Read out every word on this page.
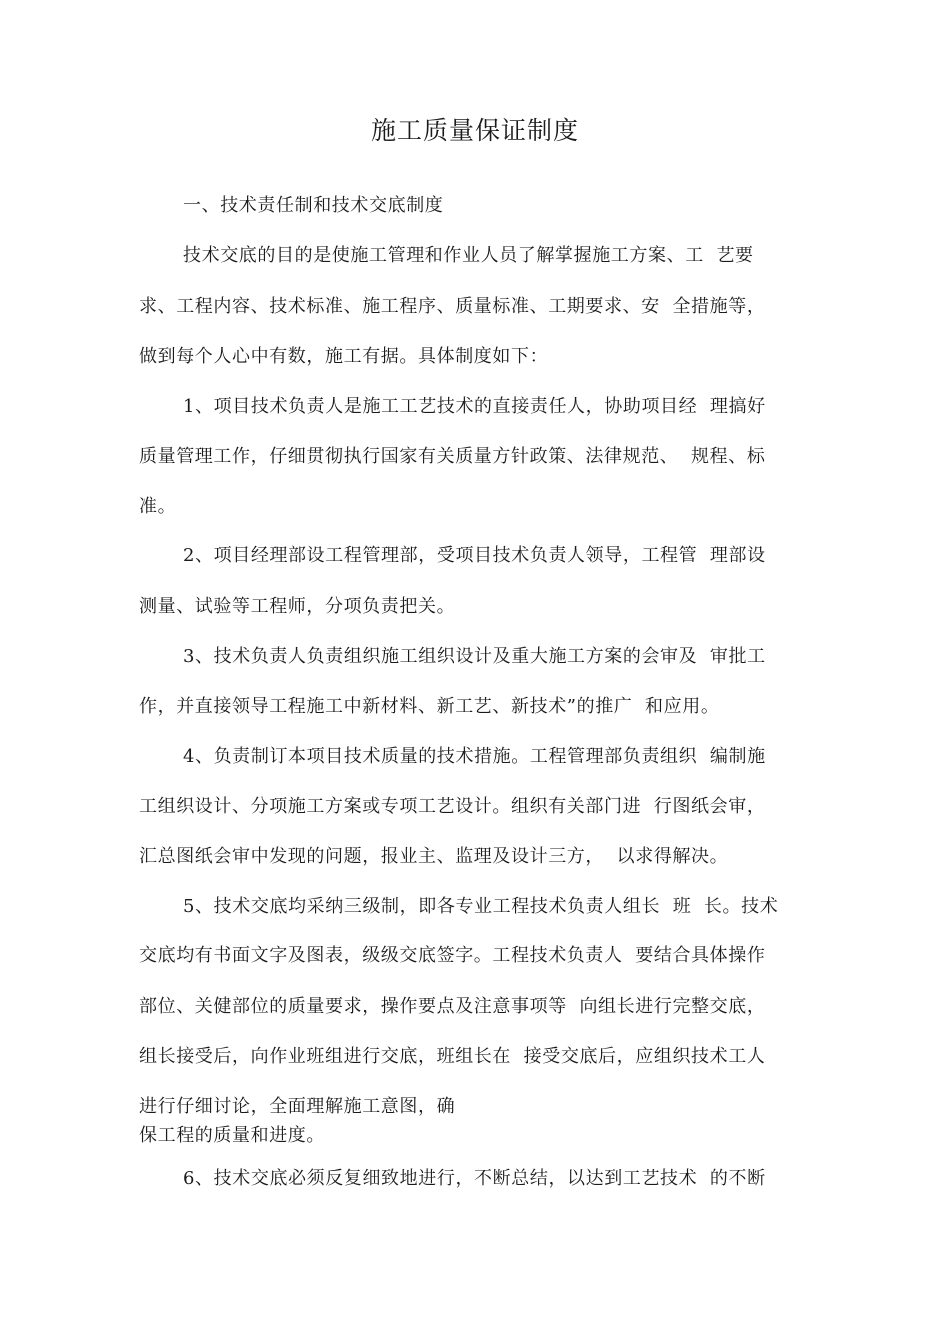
施工质量保证制度
一、技术责任制和技术交底制度
技术交底的目的是使施工管理和作业人员了解掌握施工方案、工  艺要
求、工程内容、技术标准、施工程序、质量标准、工期要求、安  全措施等，
做到每个人心中有数，施工有据。具体制度如下：
1、项目技术负责人是施工工艺技术的直接责任人，协助项目经  理搞好
质量管理工作，仔细贯彻执行国家有关质量方针政策、法律规范、  规程、标
准。
2、项目经理部设工程管理部，受项目技术负责人领导，工程管  理部设
测量、试验等工程师，分项负责把关。
3、技术负责人负责组织施工组织设计及重大施工方案的会审及  审批工
作，并直接领导工程施工中新材料、新工艺、新技术”的推广  和应用。
4、负责制订本项目技术质量的技术措施。工程管理部负责组织  编制施
工组织设计、分项施工方案或专项工艺设计。组织有关部门进  行图纸会审，
汇总图纸会审中发现的问题，报业主、监理及设计三方，  以求得解决。
5、技术交底均采纳三级制，即各专业工程技术负责人组长  班  长。技术
交底均有书面文字及图表，级级交底签字。工程技术负责人  要结合具体操作
部位、关健部位的质量要求，操作要点及注意事项等  向组长进行完整交底，
组长接受后，向作业班组进行交底，班组长在  接受交底后，应组织技术工人
进行仔细讨论，全面理解施工意图，确
保工程的质量和进度。
6、技术交底必须反复细致地进行，不断总结，以达到工艺技术  的不断
